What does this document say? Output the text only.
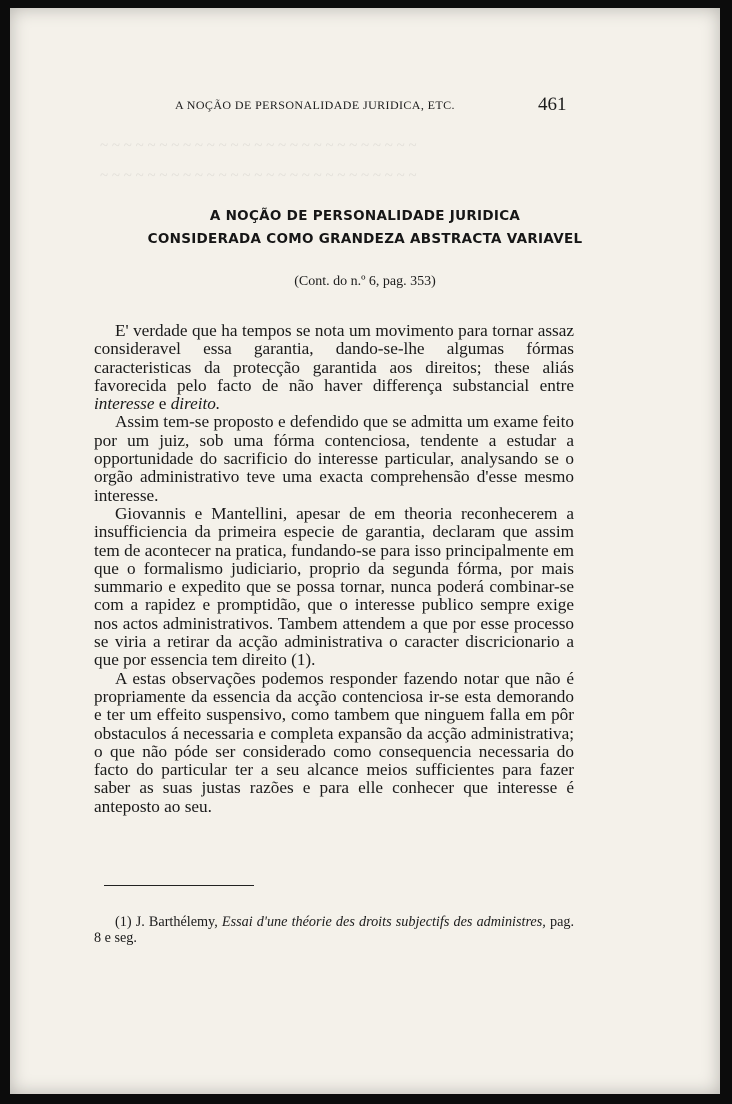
~ ~ ~ ~ ~ ~ ~ ~ ~ ~ ~ ~ ~ ~ ~ ~ ~ ~ ~ ~ ~ ~ ~ ~ ~ ~ ~
~ ~ ~ ~ ~ ~ ~ ~ ~ ~ ~ ~ ~ ~ ~ ~ ~ ~ ~ ~ ~ ~ ~ ~ ~ ~ ~
A NOÇÃO DE PERSONALIDADE JURIDICA, ETC.	461
A NOÇÃO DE PERSONALIDADE JURIDICA
CONSIDERADA COMO GRANDEZA ABSTRACTA VARIAVEL
(Cont. do n.º 6, pag. 353)

E' verdade que ha tempos se nota um movimento para tornar assaz consideravel essa garantia, dando-se-lhe algumas fórmas caracteristicas da protecção garantida aos direitos; these aliás favorecida pelo facto de não haver differença substancial entre interesse e direito.

Assim tem-se proposto e defendido que se admitta um exame feito por um juiz, sob uma fórma contenciosa, tendente a estudar a opportunidade do sacrificio do interesse particular, analysando se o orgão administrativo teve uma exacta comprehensão d'esse mesmo interesse.

Giovannis e Mantellini, apesar de em theoria reconhecerem a insufficiencia da primeira especie de garantia, declaram que assim tem de acontecer na pratica, fundando-se para isso principalmente em que o formalismo judiciario, proprio da segunda fórma, por mais summario e expedito que se possa tornar, nunca poderá combinar-se com a rapidez e promptidão, que o interesse publico sempre exige nos actos administrativos. Tambem attendem a que por esse processo se viria a retirar da acção administrativa o caracter discricionario a que por essencia tem direito (1).

A estas observações podemos responder fazendo notar que não é propriamente da essencia da acção contenciosa ir-se esta demorando e ter um effeito suspensivo, como tambem que ninguem falla em pôr obstaculos á necessaria e completa expansão da acção administrativa; o que não póde ser considerado como consequencia necessaria do facto do particular ter a seu alcance meios sufficientes para fazer saber as suas justas razões e para elle conhecer que interesse é anteposto ao seu.

(1) J. Barthélemy, Essai d'une théorie des droits subjectifs des administres, pag. 8 e seg.
